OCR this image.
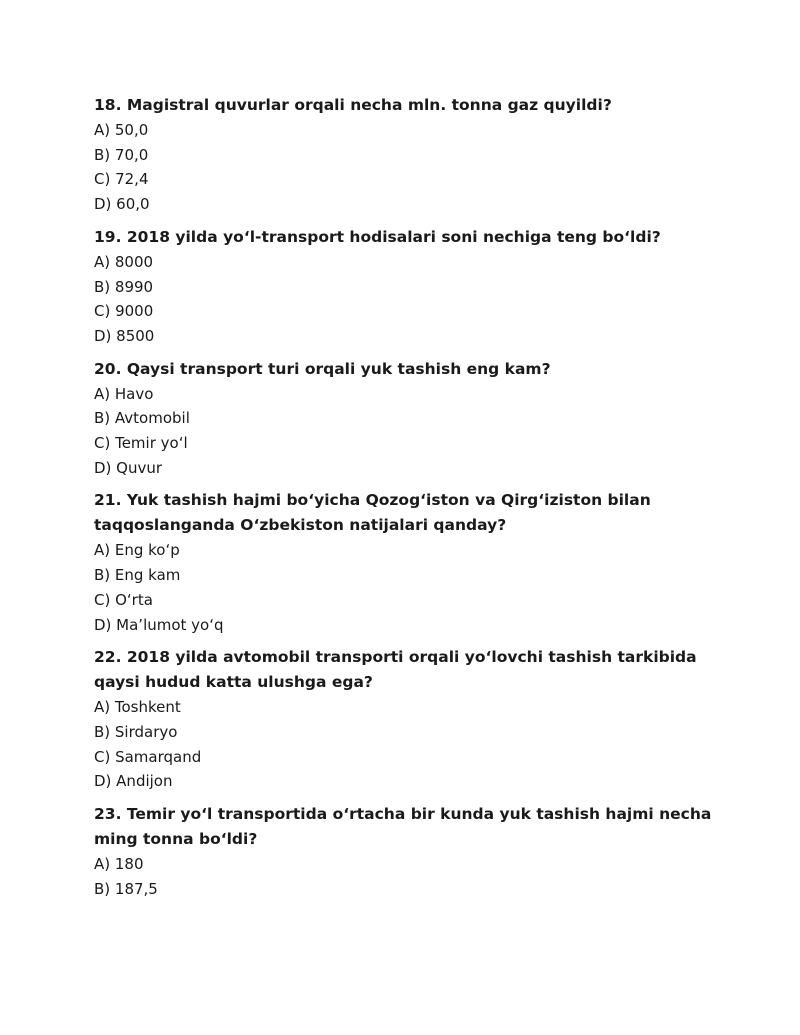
18. Magistral quvurlar orqali necha mln. tonna gaz quyildi?

A) 50,0

B) 70,0

C) 72,4

D) 60,0

19. 2018 yilda yo‘l-transport hodisalari soni nechiga teng bo‘ldi?

A) 8000

B) 8990

C) 9000

D) 8500

20. Qaysi transport turi orqali yuk tashish eng kam?

A) Havo

B) Avtomobil

C) Temir yo‘l

D) Quvur

21. Yuk tashish hajmi bo‘yicha Qozog‘iston va Qirg‘iziston bilan taqqoslanganda O‘zbekiston natijalari qanday?

A) Eng ko‘p

B) Eng kam

C) O‘rta

D) Ma’lumot yo‘q

22. 2018 yilda avtomobil transporti orqali yo‘lovchi tashish tarkibida qaysi hudud katta ulushga ega?

A) Toshkent

B) Sirdaryo

C) Samarqand

D) Andijon

23. Temir yo‘l transportida o‘rtacha bir kunda yuk tashish hajmi necha ming tonna bo‘ldi?

A) 180

B) 187,5
